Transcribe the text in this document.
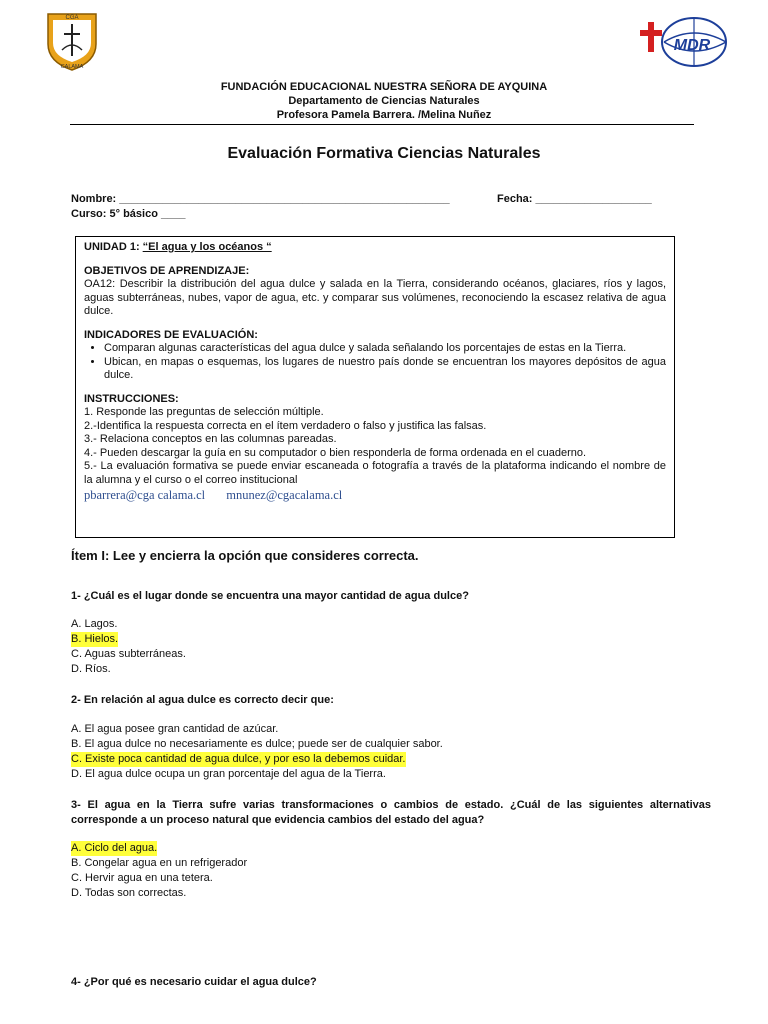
CGA
CALAMA
MDR
FUNDACIÓN EDUCACIONAL NUESTRA SEÑORA DE AYQUINA
Departamento de Ciencias Naturales
Profesora Pamela Barrera. /Melina Nuñez
Evaluación Formativa Ciencias Naturales
Nombre: ______________________________________________________	Fecha: ___________________
Curso: 5° básico ____

UNIDAD 1: “El agua y los océanos “

OBJETIVOS DE APRENDIZAJE:

OA12: Describir la distribución del agua dulce y salada en la Tierra, considerando océanos, glaciares, ríos y lagos, aguas subterráneas, nubes, vapor de agua, etc. y comparar sus volúmenes, reconociendo la escasez relativa de agua dulce.

INDICADORES DE EVALUACIÓN:

• Comparan algunas características del agua dulce y salada señalando los porcentajes de estas en la Tierra.
• Ubican, en mapas o esquemas, los lugares de nuestro país donde se encuentran los mayores depósitos de agua dulce.

INSTRUCCIONES:

1. Responde las preguntas de selección múltiple.

2.-Identifica la respuesta correcta en el ítem verdadero o falso y justifica las falsas.

3.- Relaciona conceptos en las columnas pareadas.

4.- Pueden descargar la guía en su computador o bien responderla de forma ordenada en el cuaderno.

5.- La evaluación formativa se puede enviar escaneada o fotografía a través de la plataforma indicando el nombre de la alumna y el curso o el correo institucional

pbarrera@cga calama.cl mnunez@cgacalama.cl
Ítem I: Lee y encierra la opción que consideres correcta.
1- ¿Cuál es el lugar donde se encuentra una mayor cantidad de agua dulce?
A. Lagos.
B. Hielos.
C. Aguas subterráneas.
D. Ríos.
2- En relación al agua dulce es correcto decir que:
A. El agua posee gran cantidad de azúcar.
B. El agua dulce no necesariamente es dulce; puede ser de cualquier sabor.
C. Existe poca cantidad de agua dulce, y por eso la debemos cuidar.
D. El agua dulce ocupa un gran porcentaje del agua de la Tierra.
3- El agua en la Tierra sufre varias transformaciones o cambios de estado. ¿Cuál de las siguientes alternativas corresponde a un proceso natural que evidencia cambios del estado del agua?
A. Ciclo del agua.
B. Congelar agua en un refrigerador
C. Hervir agua en una tetera.
D. Todas son correctas.
4- ¿Por qué es necesario cuidar el agua dulce?
